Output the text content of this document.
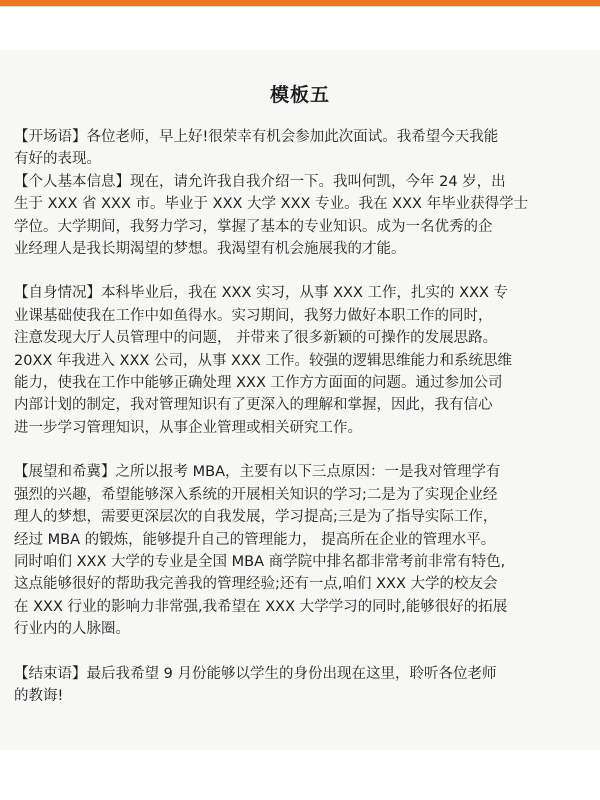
模板五

【开场语】各位老师，早上好!很荣幸有机会参加此次面试。我希望今天我能
有好的表现。

【个人基本信息】现在，请允许我自我介绍一下。我叫何凯，今年 24 岁，出
生于 XXX 省 XXX 市。毕业于 XXX 大学 XXX 专业。我在 XXX 年毕业获得学士
学位。大学期间，我努力学习，掌握了基本的专业知识。成为一名优秀的企
业经理人是我长期渴望的梦想。我渴望有机会施展我的才能。

【自身情况】本科毕业后，我在 XXX 实习，从事 XXX 工作，扎实的 XXX 专
业课基础使我在工作中如鱼得水。实习期间，我努力做好本职工作的同时，
注意发现大厅人员管理中的问题， 并带来了很多新颖的可操作的发展思路。
20XX 年我进入 XXX 公司，从事 XXX 工作。较强的逻辑思维能力和系统思维
能力，使我在工作中能够正确处理 XXX 工作方方面面的问题。通过参加公司
内部计划的制定，我对管理知识有了更深入的理解和掌握，因此，我有信心
进一步学习管理知识，从事企业管理或相关研究工作。

【展望和希冀】之所以报考 MBA，主要有以下三点原因：一是我对管理学有
强烈的兴趣，希望能够深入系统的开展相关知识的学习;二是为了实现企业经
理人的梦想，需要更深层次的自我发展，学习提高;三是为了指导实际工作，
经过 MBA 的锻炼，能够提升自己的管理能力， 提高所在企业的管理水平。
同时咱们 XXX 大学的专业是全国 MBA 商学院中排名都非常考前非常有特色,
这点能够很好的帮助我完善我的管理经验;还有一点,咱们 XXX 大学的校友会
在 XXX 行业的影响力非常强,我希望在 XXX 大学学习的同时,能够很好的拓展
行业内的人脉圈。

【结束语】最后我希望 9 月份能够以学生的身份出现在这里，聆听各位老师
的教诲!
